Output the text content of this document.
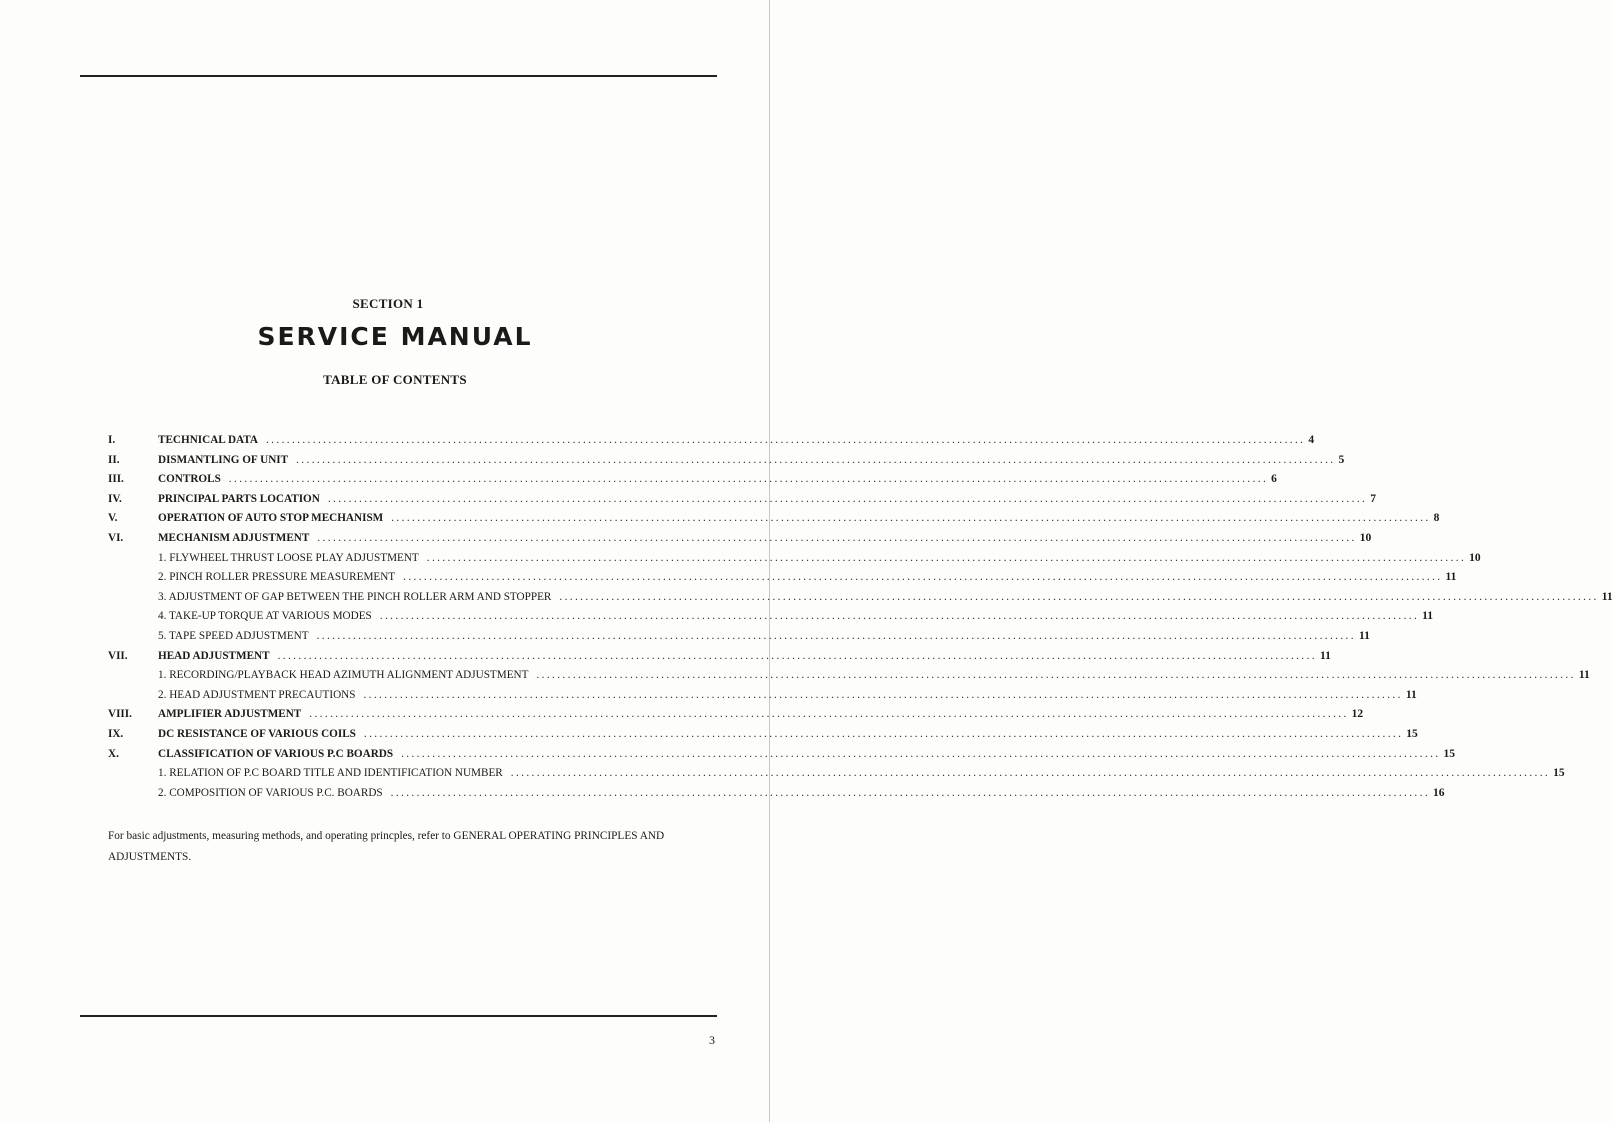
SECTION 1
SERVICE MANUAL
TABLE OF CONTENTS
I.	TECHNICAL DATA ........................................................................................................................................................................................................ 4
II.	DISMANTLING OF UNIT ........................................................................................................................................................................................................ 5
III.	CONTROLS ........................................................................................................................................................................................................ 6
IV.	PRINCIPAL PARTS LOCATION ........................................................................................................................................................................................................ 7
V.	OPERATION OF AUTO STOP MECHANISM ........................................................................................................................................................................................................ 8
VI.	MECHANISM ADJUSTMENT ........................................................................................................................................................................................................ 10
1. FLYWHEEL THRUST LOOSE PLAY ADJUSTMENT ........................................................................................................................................................................................................ 10
2. PINCH ROLLER PRESSURE MEASUREMENT ........................................................................................................................................................................................................ 11
3. ADJUSTMENT OF GAP BETWEEN THE PINCH ROLLER ARM AND STOPPER ........................................................................................................................................................................................................ 11
4. TAKE-UP TORQUE AT VARIOUS MODES ........................................................................................................................................................................................................ 11
5. TAPE SPEED ADJUSTMENT ........................................................................................................................................................................................................ 11
VII.	HEAD ADJUSTMENT ........................................................................................................................................................................................................ 11
1. RECORDING/PLAYBACK HEAD AZIMUTH ALIGNMENT ADJUSTMENT ........................................................................................................................................................................................................ 11
2. HEAD ADJUSTMENT PRECAUTIONS ........................................................................................................................................................................................................ 11
VIII.	AMPLIFIER ADJUSTMENT ........................................................................................................................................................................................................ 12
IX.	DC RESISTANCE OF VARIOUS COILS ........................................................................................................................................................................................................ 15
X.	CLASSIFICATION OF VARIOUS P.C BOARDS ........................................................................................................................................................................................................ 15
1. RELATION OF P.C BOARD TITLE AND IDENTIFICATION NUMBER ........................................................................................................................................................................................................ 15
2. COMPOSITION OF VARIOUS P.C. BOARDS ........................................................................................................................................................................................................ 16

For basic adjustments, measuring methods, and operating princples, refer to GENERAL OPERATING PRINCIPLES AND ADJUSTMENTS.

3
